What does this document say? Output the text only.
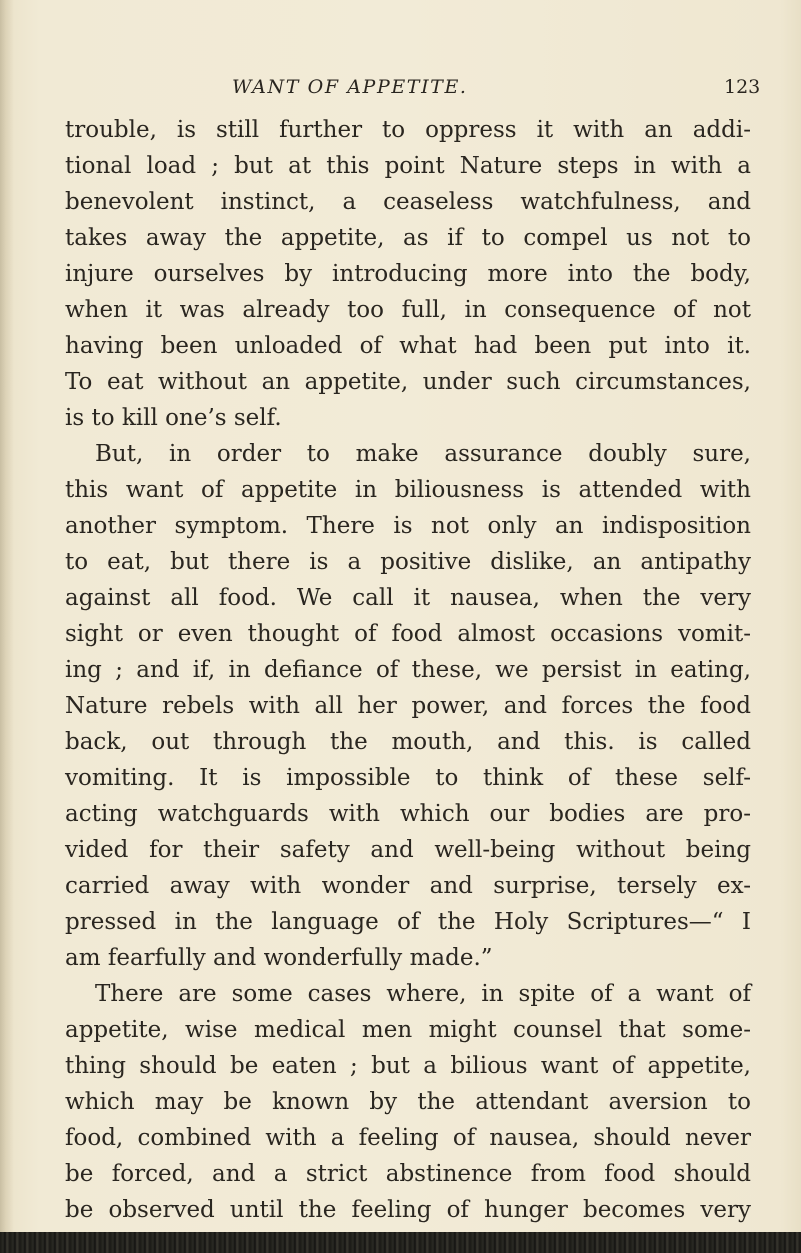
WANT OF APPETITE.	123
trouble, is still further to oppress it with an addi-
tional load ; but at this point Nature steps in with a
benevolent instinct, a ceaseless watchfulness, and
takes away the appetite, as if to compel us not to
injure ourselves by introducing more into the body,
when it was already too full, in consequence of not
having been unloaded of what had been put into it.
To eat without an appetite, under such circumstances,
is to kill one’s self.
But, in order to make assurance doubly sure,
this want of appetite in biliousness is attended with
another symptom. There is not only an indisposition
to eat, but there is a positive dislike, an antipathy
against all food. We call it nausea, when the very
sight or even thought of food almost occasions vomit-
ing ; and if, in defiance of these, we persist in eating,
Nature rebels with all her power, and forces the food
back, out through the mouth, and this. is called
vomiting. It is impossible to think of these self-
acting watchguards with which our bodies are pro-
vided for their safety and well-being without being
carried away with wonder and surprise, tersely ex-
pressed in the language of the Holy Scriptures—“ I
am fearfully and wonderfully made.”
There are some cases where, in spite of a want of
appetite, wise medical men might counsel that some-
thing should be eaten ; but a bilious want of appetite,
which may be known by the attendant aversion to
food, combined with a feeling of nausea, should never
be forced, and a strict abstinence from food should
be observed until the feeling of hunger becomes very
